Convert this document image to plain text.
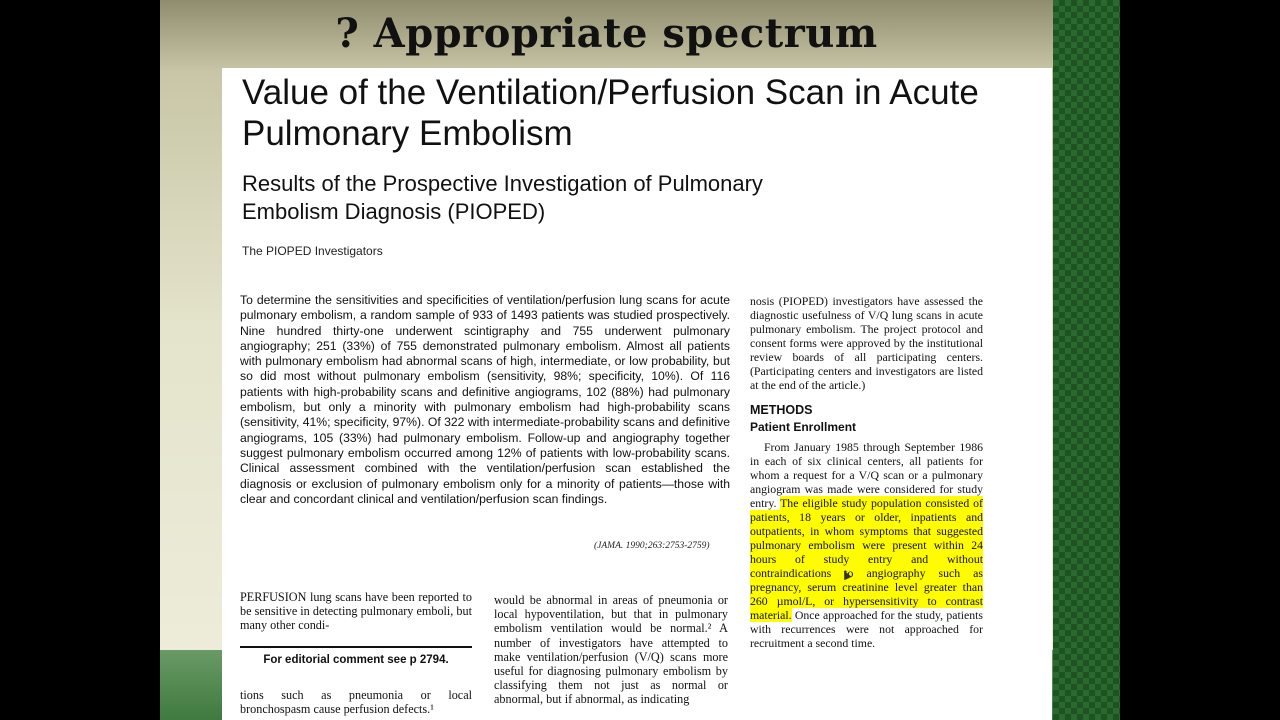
? Appropriate spectrum
Value of the Ventilation/Perfusion Scan in Acute Pulmonary Embolism
Results of the Prospective Investigation of Pulmonary Embolism Diagnosis (PIOPED)
The PIOPED Investigators

To determine the sensitivities and specificities of ventilation/perfusion lung scans for acute pulmonary embolism, a random sample of 933 of 1493 patients was studied prospectively. Nine hundred thirty-one underwent scintigraphy and 755 underwent pulmonary angiography; 251 (33%) of 755 demonstrated pulmonary embolism. Almost all patients with pulmonary embolism had abnormal scans of high, intermediate, or low probability, but so did most without pulmonary embolism (sensitivity, 98%; specificity, 10%). Of 116 patients with high-probability scans and definitive angiograms, 102 (88%) had pulmonary embolism, but only a minority with pulmonary embolism had high-probability scans (sensitivity, 41%; specificity, 97%). Of 322 with intermediate-probability scans and definitive angiograms, 105 (33%) had pulmonary embolism. Follow-up and angiography together suggest pulmonary embolism occurred among 12% of patients with low-probability scans. Clinical assessment combined with the ventilation/perfusion scan established the diagnosis or exclusion of pulmonary embolism only for a minority of patients—those with clear and concordant clinical and ventilation/perfusion scan findings.

(JAMA. 1990;263:2753-2759)

nosis (PIOPED) investigators have assessed the diagnostic usefulness of V/Q lung scans in acute pulmonary embolism. The project protocol and consent forms were approved by the institutional review boards of all participating centers. (Participating centers and investigators are listed at the end of the article.)

METHODS
Patient Enrollment

From January 1985 through September 1986 in each of six clinical centers, all patients for whom a request for a V/Q scan or a pulmonary angiogram was made were considered for study entry. The eligible study population consisted of patients, 18 years or older, inpatients and outpatients, in whom symptoms that suggested pulmonary embolism were present within 24 hours of study entry and without contraindications to angiography such as pregnancy, serum creatinine level greater than 260 µmol/L, or hypersensitivity to contrast material. Once approached for the study, patients with recurrences were not approached for recruitment a second time.

PERFUSION lung scans have been reported to be sensitive in detecting pulmonary emboli, but many other condi-

For editorial comment see p 2794.

tions such as pneumonia or local bronchospasm cause perfusion defects.¹

would be abnormal in areas of pneumonia or local hypoventilation, but that in pulmonary embolism ventilation would be normal.² A number of investigators have attempted to make ventilation/perfusion (V/Q) scans more useful for diagnosing pulmonary embolism by classifying them not just as normal or abnormal, but if abnormal, as indicating
